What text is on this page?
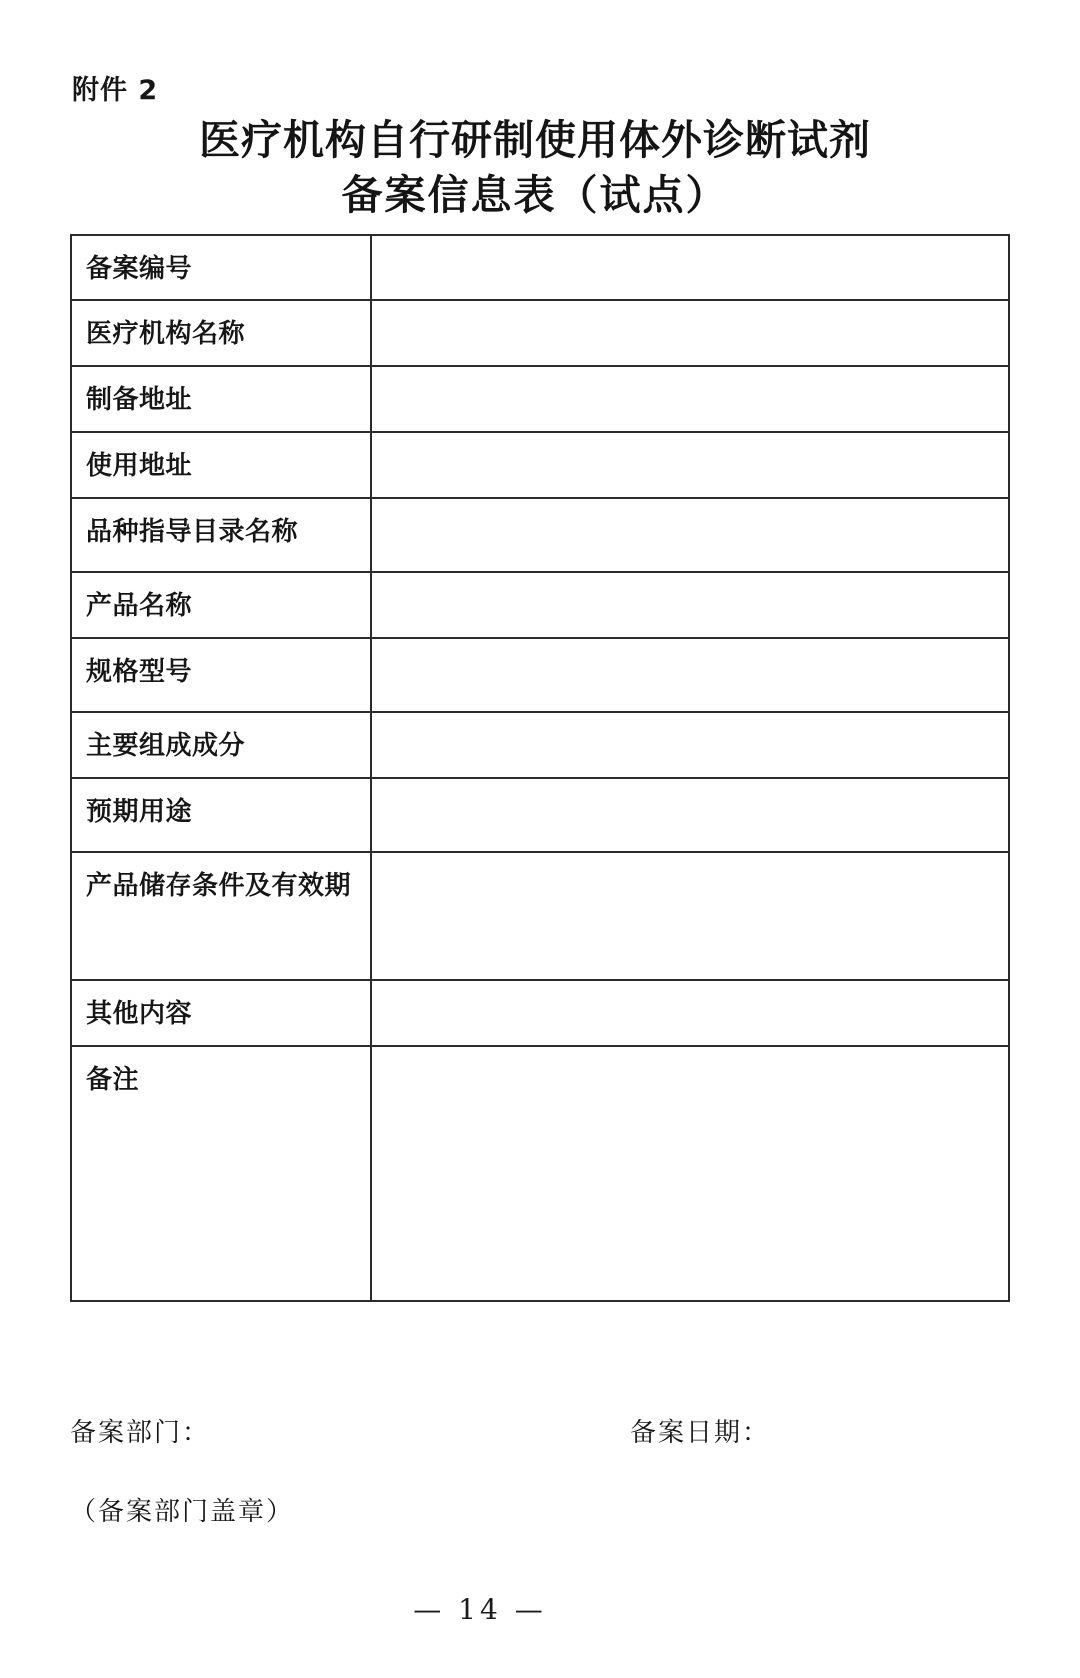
附件 2
医疗机构自行研制使用体外诊断试剂
备案信息表（试点）
备案编号	
医疗机构名称	
制备地址	
使用地址	
品种指导目录名称	
产品名称	
规格型号	
主要组成成分	
预期用途	
产品储存条件及有效期	
其他内容	
备注	
备案部门：	备案日期：
（备案部门盖章）
— 14 —
